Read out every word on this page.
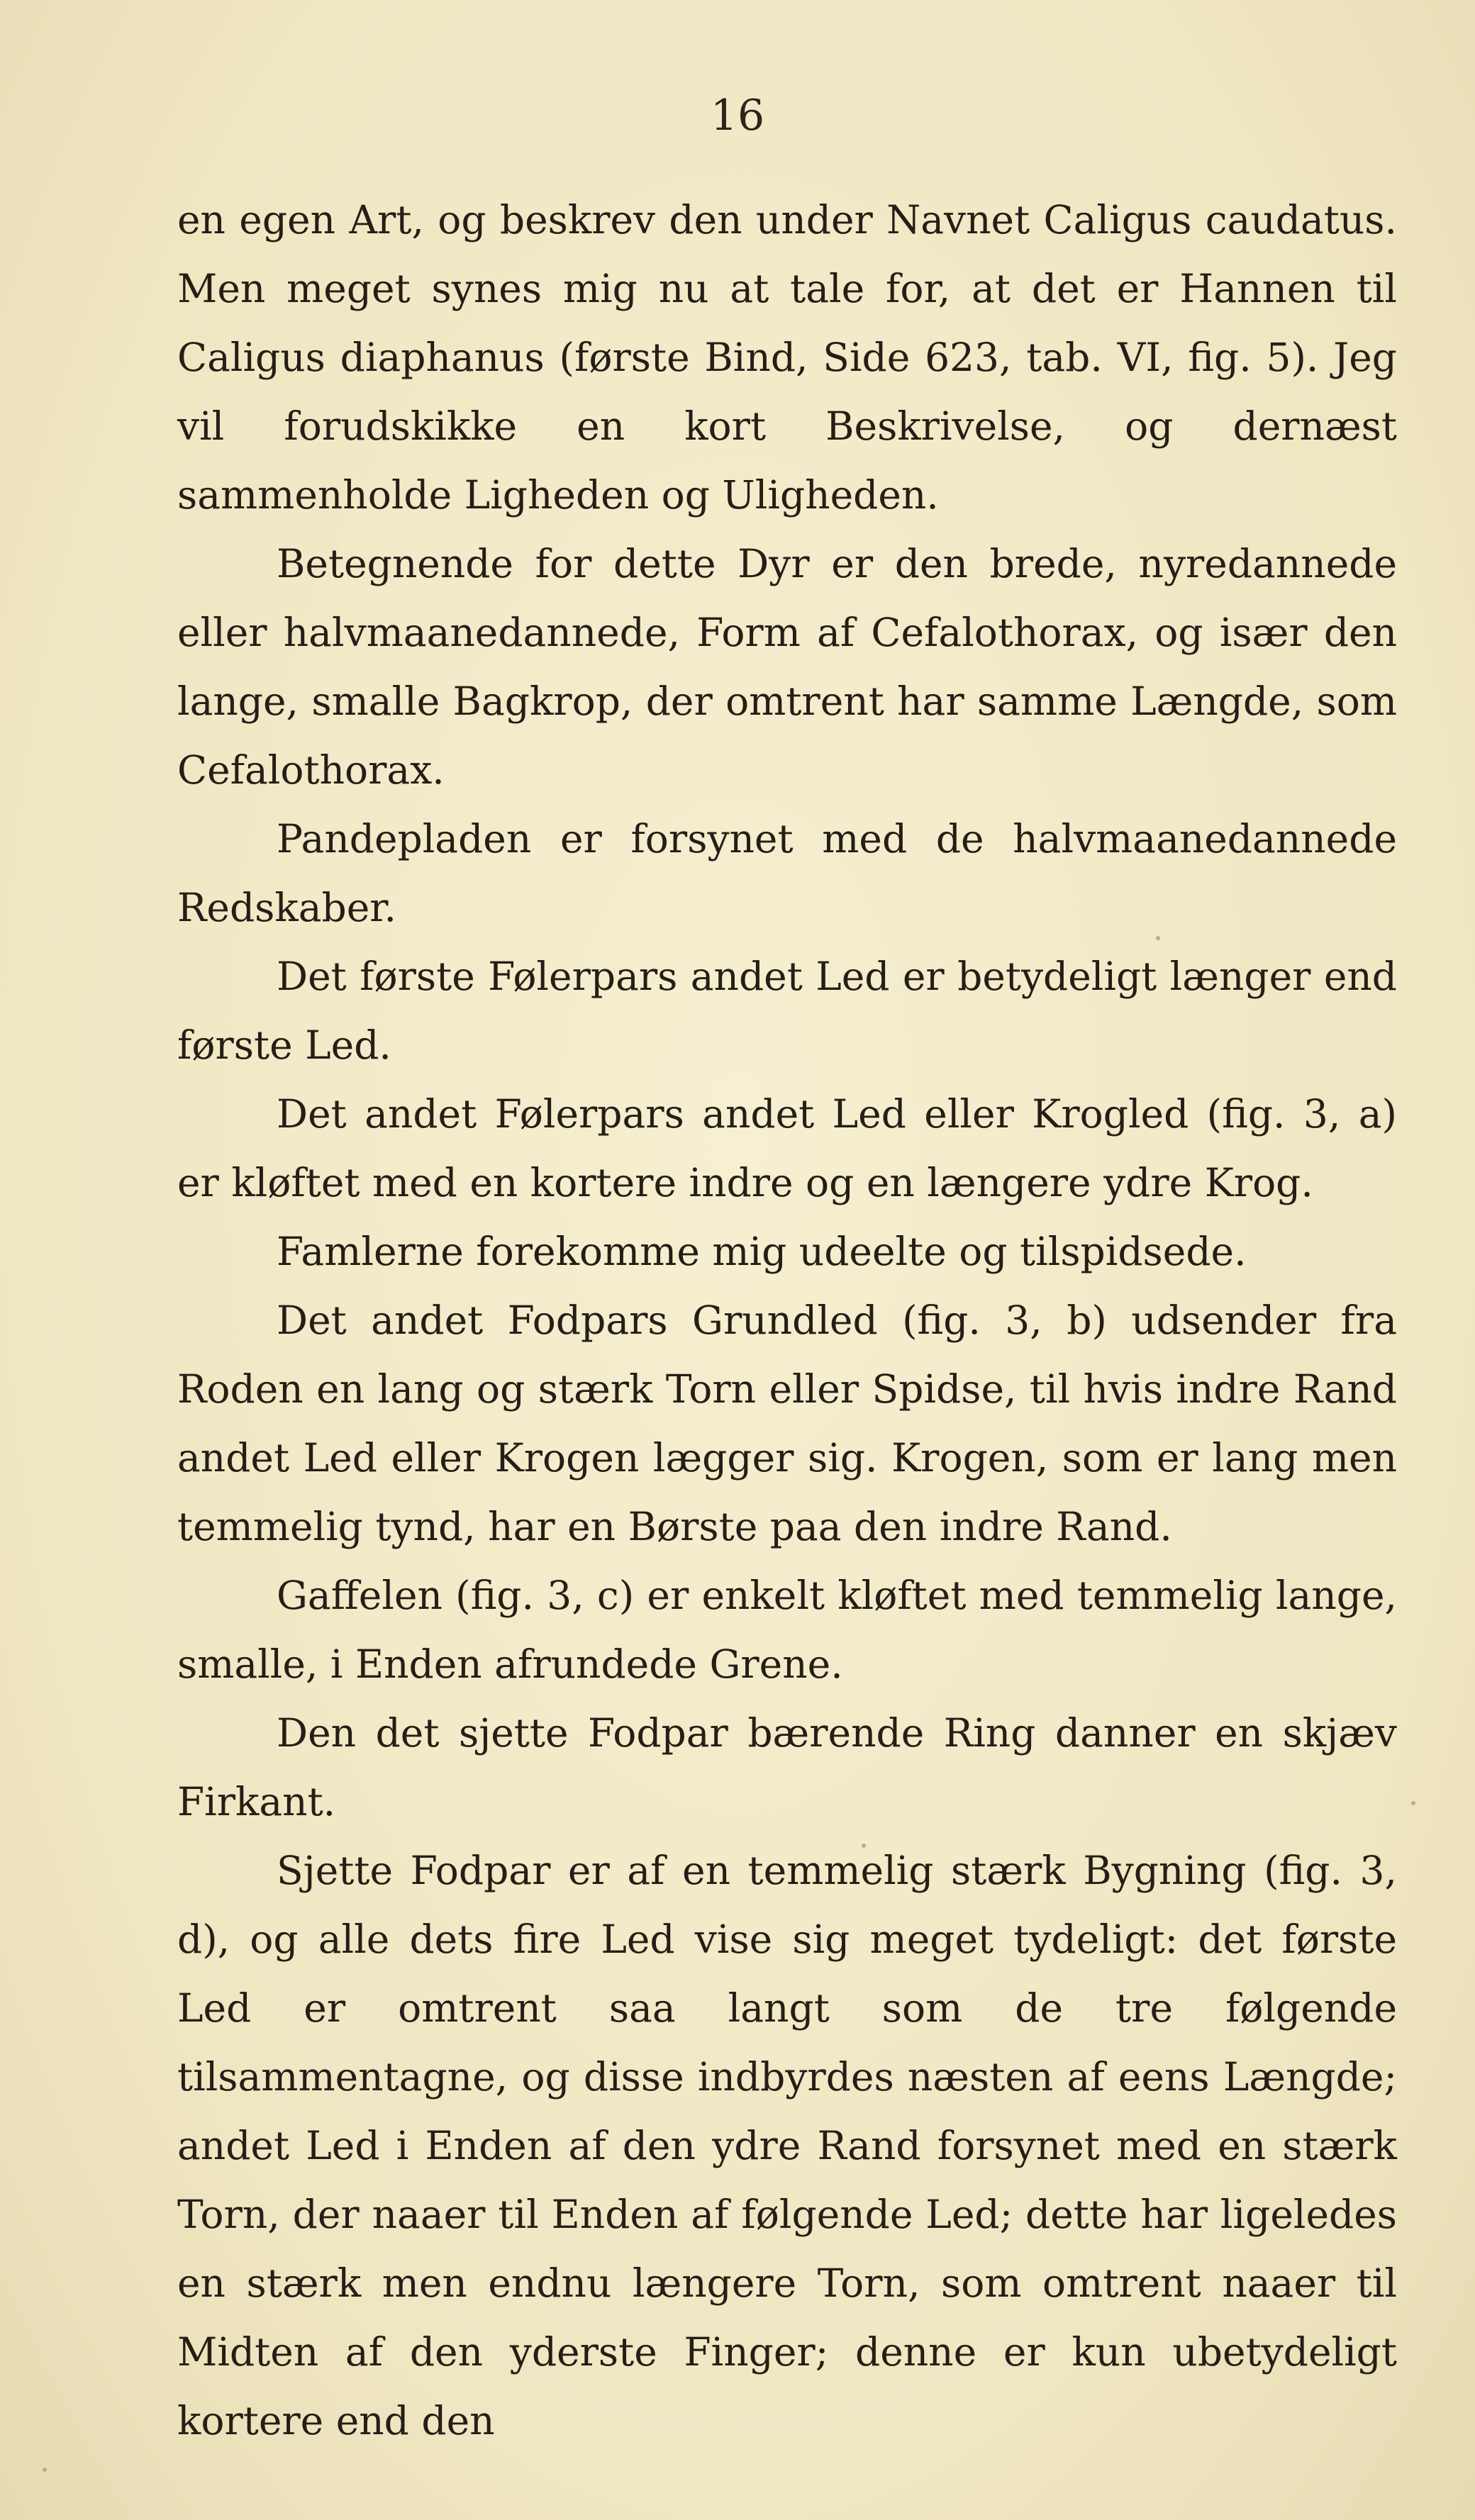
16

en egen Art, og beskrev den under Navnet Caligus caudatus. Men meget synes mig nu at tale for, at det er Hannen til Caligus diaphanus (første Bind, Side 623, tab. VI, fig. 5). Jeg vil forudskikke en kort Beskrivelse, og dernæst sammenholde Ligheden og Uligheden.

Betegnende for dette Dyr er den brede, nyredannede eller halvmaanedannede, Form af Cefalothorax, og især den lange, smalle Bagkrop, der omtrent har samme Længde, som Cefalothorax.

Pandepladen er forsynet med de halvmaanedannede Redskaber.

Det første Følerpars andet Led er betydeligt længer end første Led.

Det andet Følerpars andet Led eller Krogled (fig. 3, a) er kløftet med en kortere indre og en længere ydre Krog.

Famlerne forekomme mig udeelte og tilspidsede.

Det andet Fodpars Grundled (fig. 3, b) udsender fra Roden en lang og stærk Torn eller Spidse, til hvis indre Rand andet Led eller Krogen lægger sig. Krogen, som er lang men temmelig tynd, har en Børste paa den indre Rand.

Gaffelen (fig. 3, c) er enkelt kløftet med temmelig lange, smalle, i Enden afrundede Grene.

Den det sjette Fodpar bærende Ring danner en skjæv Firkant.

Sjette Fodpar er af en temmelig stærk Bygning (fig. 3, d), og alle dets fire Led vise sig meget tydeligt: det første Led er omtrent saa langt som de tre følgende tilsammentagne, og disse indbyrdes næsten af eens Længde; andet Led i Enden af den ydre Rand forsynet med en stærk Torn, der naaer til Enden af følgende Led; dette har ligeledes en stærk men endnu længere Torn, som omtrent naaer til Midten af den yderste Finger; denne er kun ubetydeligt kortere end den
